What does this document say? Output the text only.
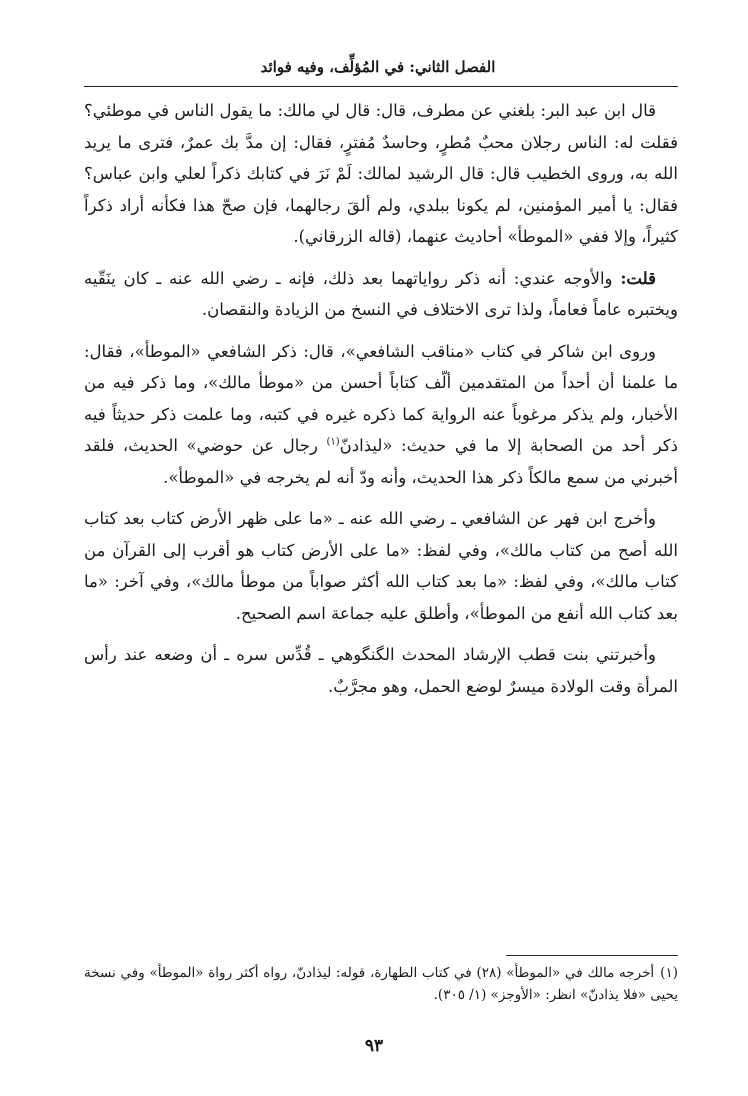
الفصل الثاني: في المُؤلِّف، وفيه فوائد

قال ابن عبد البر: بلغني عن مطرف، قال: قال لي مالك: ما يقول الناس في موطئي؟ فقلت له: الناس رجلان محبٌ مُطرٍ، وحاسدٌ مُفترٍ، فقال: إن مدَّ بك عمرٌ، فترى ما يريد الله به، وروى الخطيب قال: قال الرشيد لمالك: لَمْ نَرَ في كتابك ذكراً لعلي وابن عباس؟ فقال: يا أمير المؤمنين، لم يكونا ببلدي، ولم ألقَ رجالهما، فإن صحّ هذا فكأنه أراد ذكراً كثيراً، وإلا ففي «الموطأ» أحاديث عنهما، (قاله الزرقاني).

قلت: والأوجه عندي: أنه ذكر رواياتهما بعد ذلك، فإنه ـ رضي الله عنه ـ كان ينَقّيه ويختبره عاماً فعاماً، ولذا ترى الاختلاف في النسخ من الزيادة والنقصان.

وروى ابن شاكر في كتاب «مناقب الشافعي»، قال: ذكر الشافعي «الموطأ»، فقال: ما علمنا أن أحداً من المتقدمين ألّف كتاباً أحسن من «موطأ مالك»، وما ذكر فيه من الأخبار، ولم يذكر مرغوباً عنه الرواية كما ذكره غيره في كتبه، وما علمت ذكر حديثاً فيه ذكر أحد من الصحابة إلا ما في حديث: «ليذادنّ$^{(١)}$ رجال عن حوضي» الحديث، فلقد أخبرني من سمع مالكاً ذكر هذا الحديث، وأنه ودّ أنه لم يخرجه في «الموطأ».

وأخرج ابن فهر عن الشافعي ـ رضي الله عنه ـ «ما على ظهر الأرض كتاب بعد كتاب الله أصح من كتاب مالك»، وفي لفظ: «ما على الأرض كتاب هو أقرب إلى القرآن من كتاب مالك»، وفي لفظ: «ما بعد كتاب الله أكثر صواباً من موطأ مالك»، وفي آخر: «ما بعد كتاب الله أنفع من الموطأ»، وأطلق عليه جماعة اسم الصحيح.

وأخبرتني بنت قطب الإرشاد المحدث الگنگوهي ـ قُدِّس سره ـ أن وضعه عند رأس المرأة وقت الولادة ميسرٌ لوضع الحمل، وهو مجرَّبٌ.

(١)أخرجه مالك في «الموطأ» (٢٨) في كتاب الطهارة، قوله: ليذادنّ، رواه أكثر رواة «الموطأ» وفي نسخة يحيى «فلا يذادنّ» انظر: «الأوجز» (١/ ٣٠٥).
٩٣
